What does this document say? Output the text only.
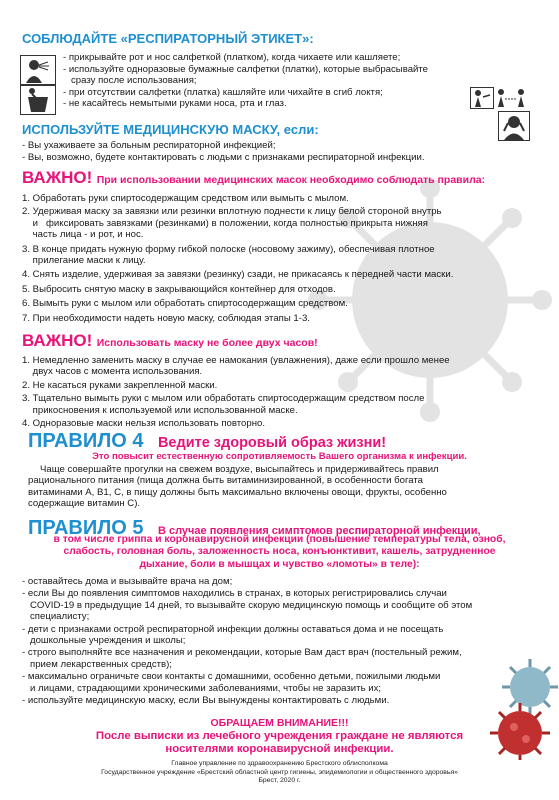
СОБЛЮДАЙТЕ «РЕСПИРАТОРНЫЙ ЭТИКЕТ»:
- прикрывайте рот и нос салфеткой (платком), когда чихаете или кашляете;
- используйте одноразовые бумажные салфетки (платки), которые выбрасывайте
сразу после использования;
- при отсутствии салфетки (платка) кашляйте или чихайте в сгиб локтя;
- не касайтесь немытыми руками носа, рта и глаз.
ИСПОЛЬЗУЙТЕ МЕДИЦИНСКУЮ МАСКУ, если:
- Вы ухаживаете за больным респираторной инфекцией;
- Вы, возможно, будете контактировать с людьми с признаками респираторной инфекции.
ВАЖНО! При использовании медицинских масок необходимо соблюдать правила:
1. Обработать руки спиртосодержащим средством или вымыть с мылом.
2. Удерживая маску за завязки или резинки вплотную поднести к лицу белой стороной внутрь
и   фиксировать завязками (резинками) в положении, когда полностью прикрыта нижняя
часть лица - и рот, и нос.
3. В конце придать нужную форму гибкой полоске (носовому зажиму), обеспечивая плотное
прилегание маски к лицу.
4. Снять изделие, удерживая за завязки (резинку) сзади, не прикасаясь к передней части маски.
5. Выбросить снятую маску в закрывающийся контейнер для отходов.
6. Вымыть руки с мылом или обработать спиртосодержащим средством.
7. При необходимости надеть новую маску, соблюдая этапы 1-3.
ВАЖНО! Использовать маску не более двух часов!
1. Немедленно заменить маску в случае ее намокания (увлажнения), даже если прошло менее
двух часов с момента использования.
2. Не касаться руками закрепленной маски.
3. Тщательно вымыть руки с мылом или обработать спиртосодержащим средством после
прикосновения к используемой или использованной маске.
4. Одноразовые маски нельзя использовать повторно.
ПРАВИЛО 4 Ведите здоровый образ жизни!
Это повысит естественную сопротивляемость Вашего организма к инфекции.
Чаще совершайте прогулки на свежем воздухе, высыпайтесь и придерживайтесь правил
рационального питания (пища должна быть витаминизированной, в особенности богата
витаминами A, B1, C, в пищу должны быть максимально включены овощи, фрукты, особенно
содержащие витамин С).
ПРАВИЛО 5 В случае появления симптомов респираторной инфекции,
в том числе гриппа и коронавирусной инфекции (повышение температуры тела, озноб,
слабость, головная боль, заложенность носа, конъюнктивит, кашель, затрудненное
дыхание, боли в мышцах и чувство «ломоты» в теле):
- оставайтесь дома и вызывайте врача на дом;
- если Вы до появления симптомов находились в странах, в которых регистрировались случаи
COVID-19 в предыдущие 14 дней, то вызывайте скорую медицинскую помощь и сообщите об этом
специалисту;
- дети с признаками острой респираторной инфекции должны оставаться дома и не посещать
дошкольные учреждения и школы;
- строго выполняйте все назначения и рекомендации, которые Вам даст врач (постельный режим,
прием лекарственных средств);
- максимально ограничьте свои контакты с домашними, особенно детьми, пожилыми людьми
и лицами, страдающими хроническими заболеваниями, чтобы не заразить их;
- используйте медицинскую маску, если Вы вынуждены контактировать с людьми.
ОБРАЩАЕМ ВНИМАНИЕ!!!
После выписки из лечебного учреждения граждане не являются
носителями коронавирусной инфекции.
Главное управление по здравоохранению Брестского облисполкома
Государственное учреждение «Брестский областной центр гигиены, эпидемиологии и общественного здоровья»
Брест, 2020 г.
